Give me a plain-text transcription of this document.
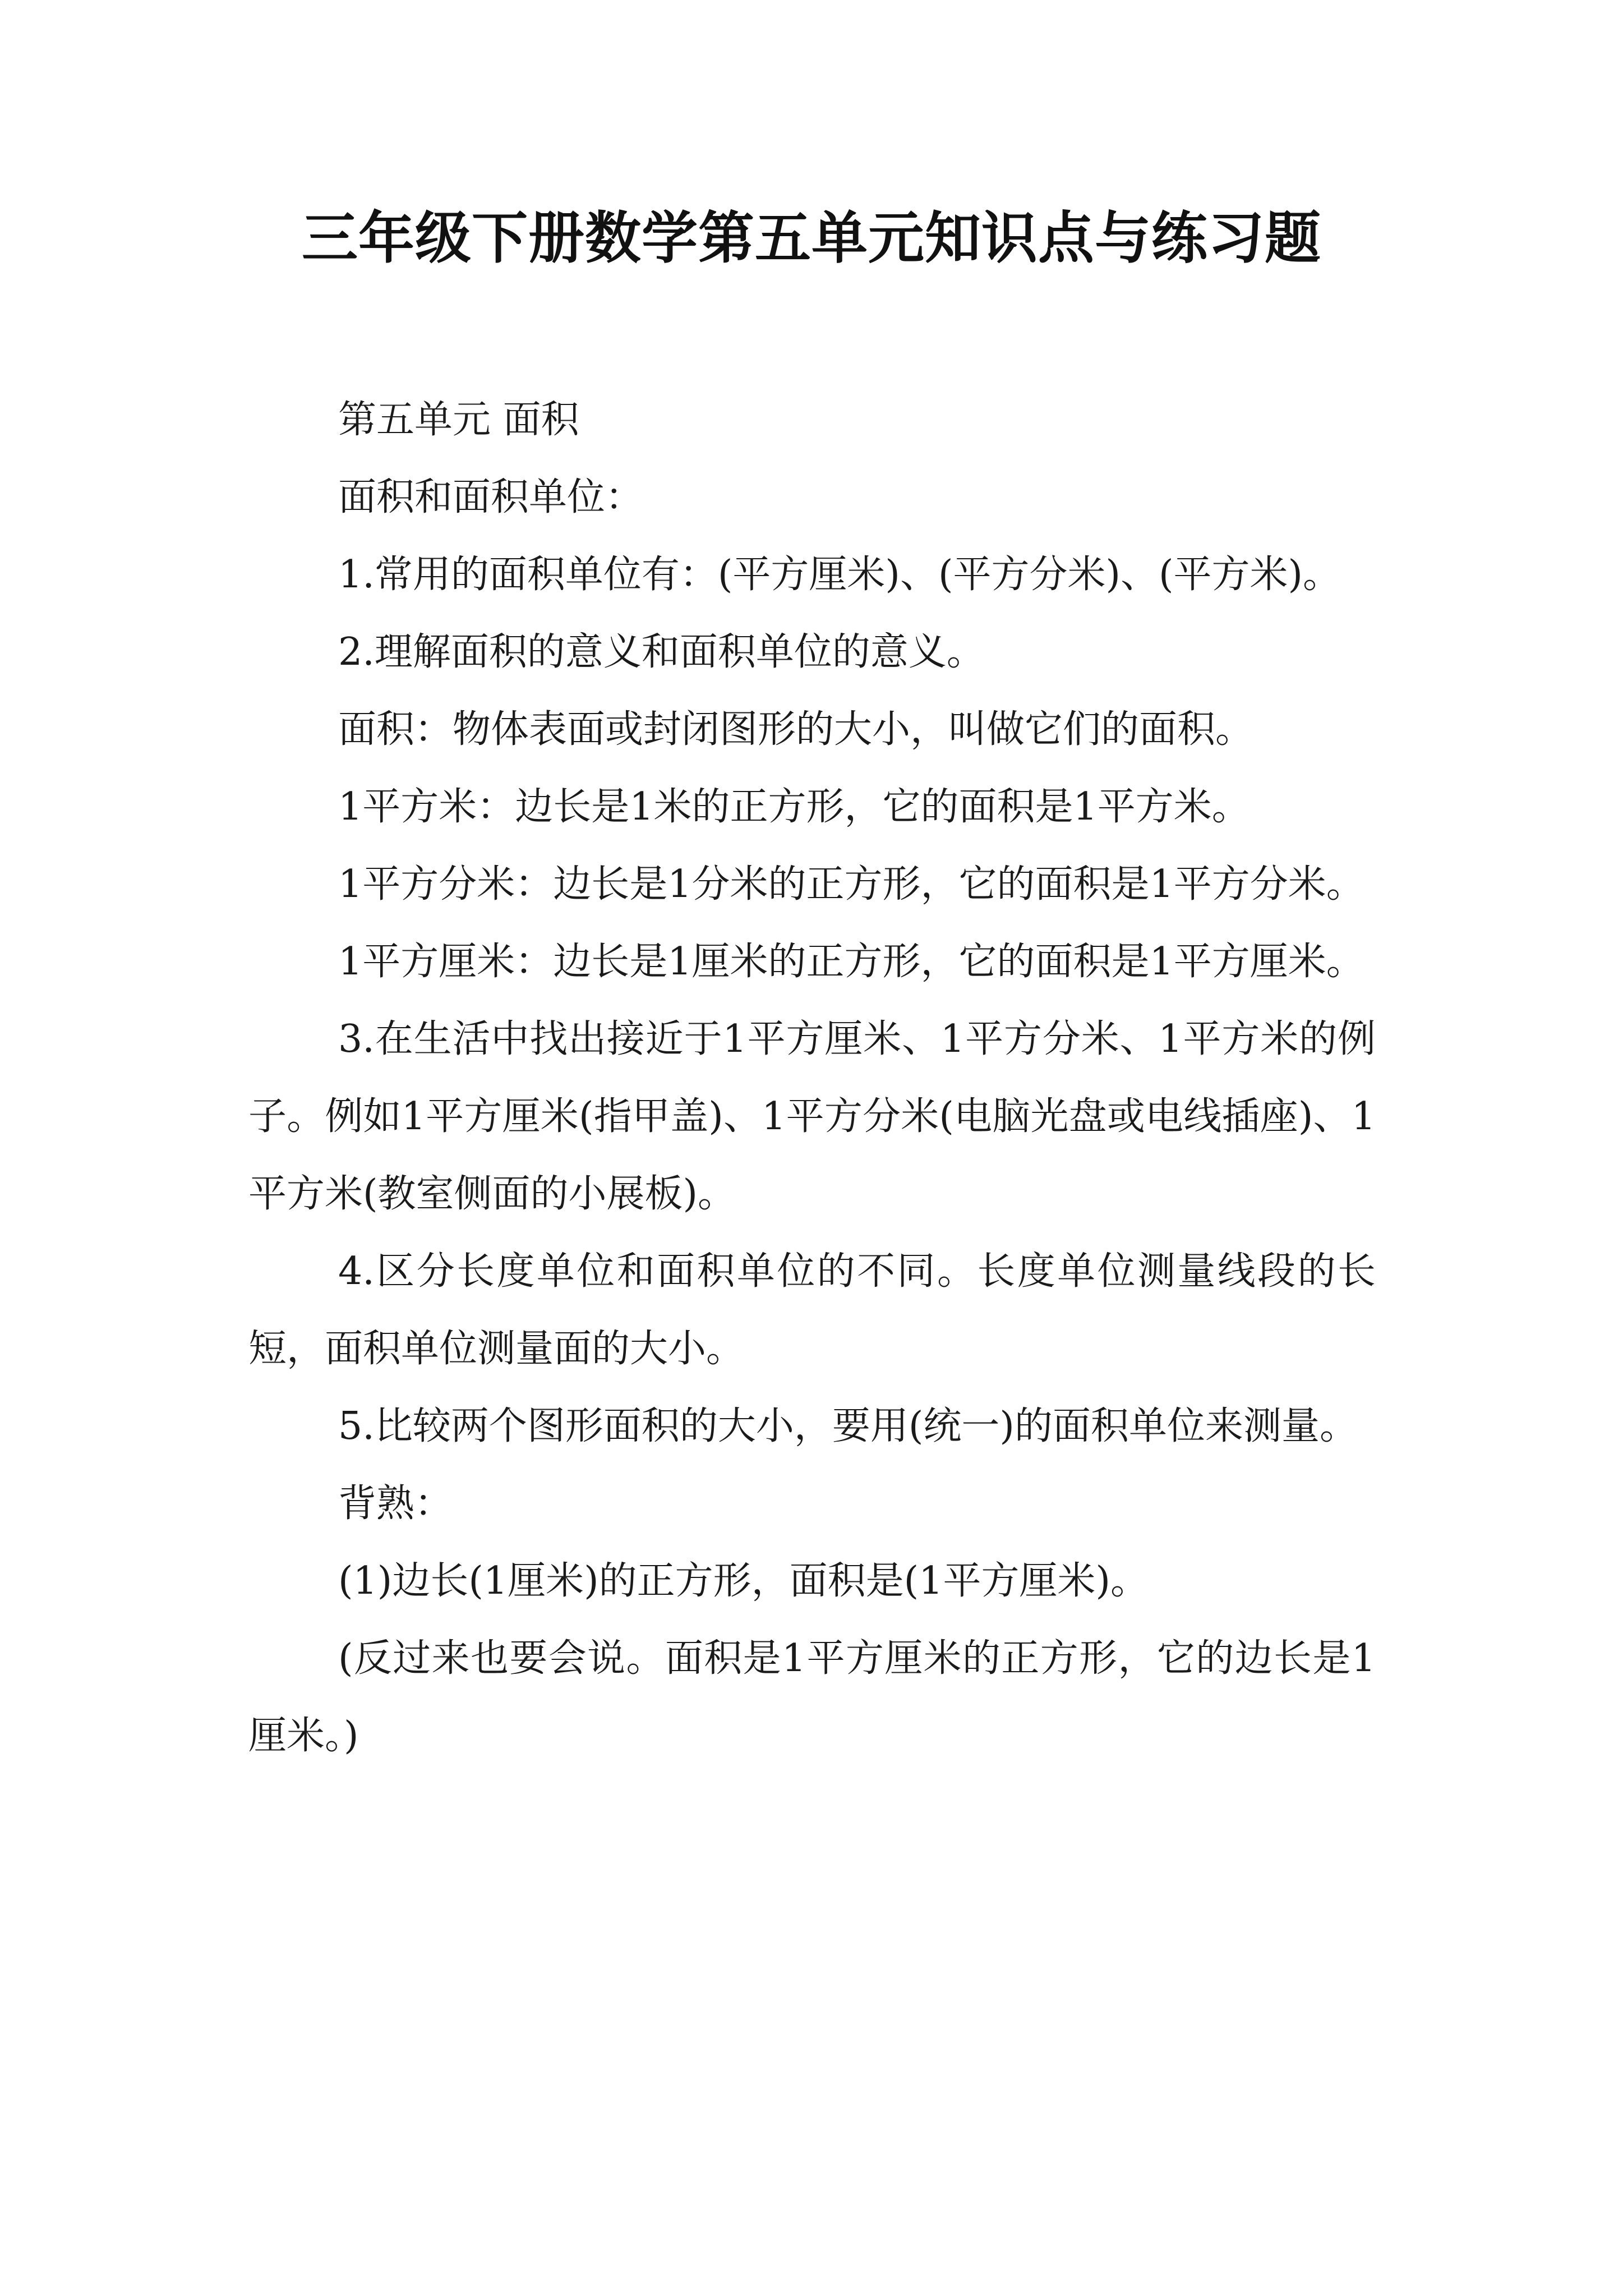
三年级下册数学第五单元知识点与练习题

第五单元 面积

面积和面积单位：

1.常用的面积单位有：(平方厘米)、(平方分米)、(平方米)。

2.理解面积的意义和面积单位的意义。

面积：物体表面或封闭图形的大小，叫做它们的面积。

1平方米：边长是1米的正方形，它的面积是1平方米。

1平方分米：边长是1分米的正方形，它的面积是1平方分米。

1平方厘米：边长是1厘米的正方形，它的面积是1平方厘米。

3.在生活中找出接近于1平方厘米、1平方分米、1平方米的例子。例如1平方厘米(指甲盖)、1平方分米(电脑光盘或电线插座)、1平方米(教室侧面的小展板)。

4.区分长度单位和面积单位的不同。长度单位测量线段的长短，面积单位测量面的大小。

5.比较两个图形面积的大小，要用(统一)的面积单位来测量。

背熟：

(1)边长(1厘米)的正方形，面积是(1平方厘米)。

(反过来也要会说。面积是1平方厘米的正方形，它的边长是1厘米。)
